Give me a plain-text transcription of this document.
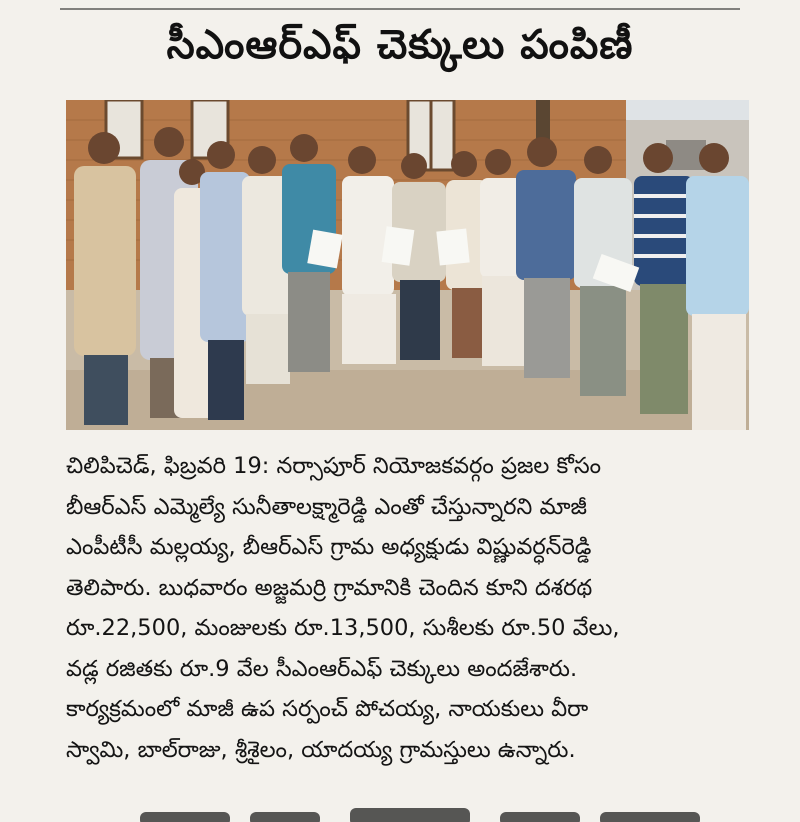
సీఎంఆర్ఎఫ్ చెక్కులు పంపిణీ
చిలిపిచెడ్, ఫిబ్రవరి 19: నర్సాపూర్ నియోజకవర్గం ప్రజల కోసం
బీఆర్ఎస్ ఎమ్మెల్యే సునీతాలక్ష్మారెడ్డి ఎంతో చేస్తున్నారని మాజీ
ఎంపీటీసీ మల్లయ్య, బీఆర్ఎస్ గ్రామ అధ్యక్షుడు విష్ణువర్ధన్‌రెడ్డి
తెలిపారు. బుధవారం అజ్జమర్రి గ్రామానికి చెందిన కూని దశరథ
రూ.22,500, మంజులకు రూ.13,500, సుశీలకు రూ.50 వేలు,
వడ్ల రజితకు రూ.9 వేల సీఎంఆర్ఎఫ్ చెక్కులు అందజేశారు.
కార్యక్రమంలో మాజీ ఉప సర్పంచ్ పోచయ్య, నాయకులు వీరా
స్వామి, బాల్‌రాజు, శ్రీశైలం, యాదయ్య గ్రామస్తులు ఉన్నారు.
